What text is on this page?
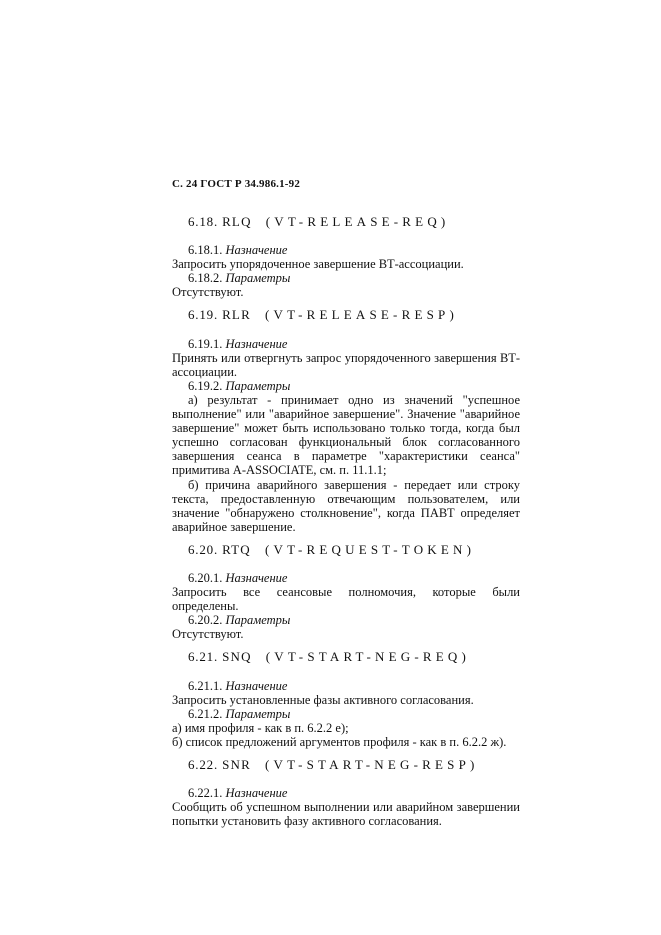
С. 24 ГОСТ Р 34.986.1-92
6.18. RLQ (VT-RELEASE-REQ)
6.18.1. Назначение
Запросить упорядоченное завершение ВТ-ассоциации.
6.18.2. Параметры
Отсутствуют.
6.19. RLR (VT-RELEASE-RESP)
6.19.1. Назначение
Принять или отвергнуть запрос упорядоченного завершения ВТ-ассоциации.
6.19.2. Параметры
а) результат - принимает одно из значений "успешное выполнение" или "аварийное завершение". Значение "аварийное завершение" может быть использовано только тогда, когда был успешно согласован функциональный блок согласованного завершения сеанса в параметре "характеристики сеанса" примитива A-ASSOCIATE, см. п. 11.1.1;
б) причина аварийного завершения - передает или строку текста, предоставленную отвечающим пользователем, или значение "обнаружено столкновение", когда ПАВТ определяет аварийное завершение.
6.20. RTQ (VT-REQUEST-TOKEN)
6.20.1. Назначение
Запросить все сеансовые полномочия, которые были определены.
6.20.2. Параметры
Отсутствуют.
6.21. SNQ (VT-START-NEG-REQ)
6.21.1. Назначение
Запросить установленные фазы активного согласования.
6.21.2. Параметры
а) имя профиля - как в п. 6.2.2 е);
б) список предложений аргументов профиля - как в п. 6.2.2 ж).
6.22. SNR (VT-START-NEG-RESP)
6.22.1. Назначение
Сообщить об успешном выполнении или аварийном завершении попытки установить фазу активного согласования.
